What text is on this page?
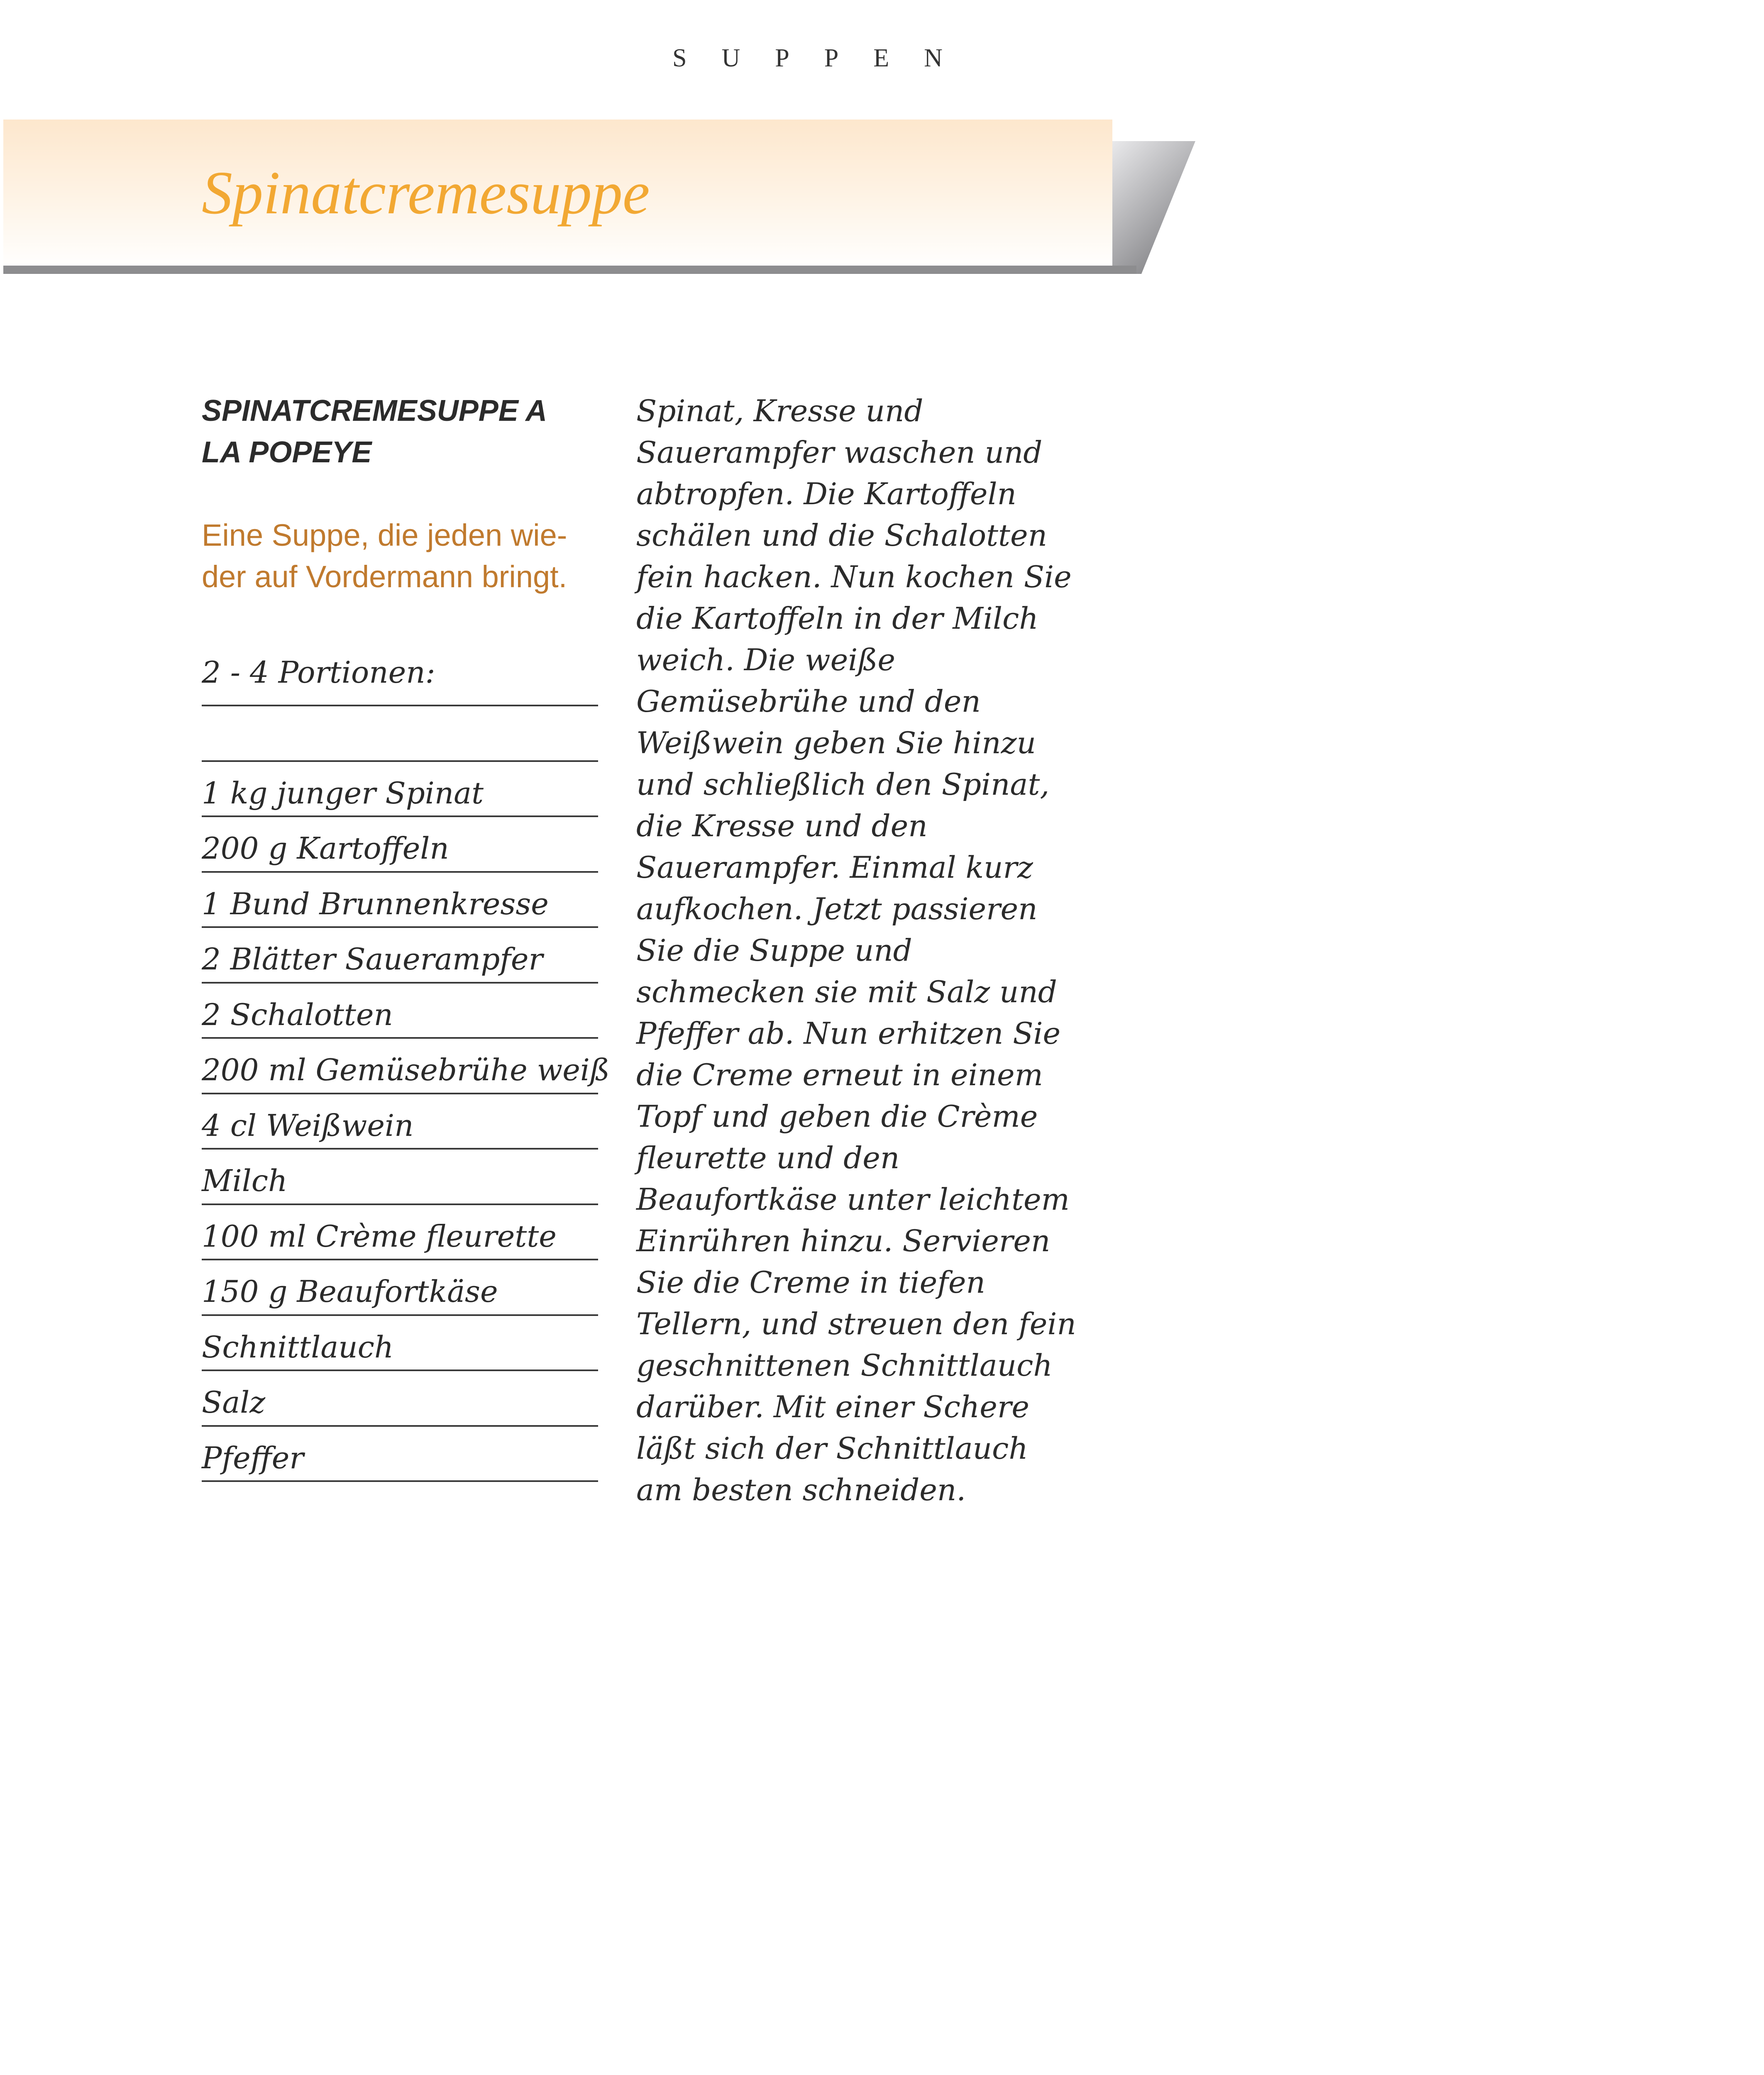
SUPPEN
Spinatcremesuppe
SPINATCREMESUPPE A
LA POPEYE
Eine Suppe, die jeden wie-
der auf Vordermann bringt.
2 - 4 Portionen:
1 kg junger Spinat
200 g Kartoffeln
1 Bund Brunnenkresse
2 Blätter Sauerampfer
2 Schalotten
200 ml Gemüsebrühe weiß
4 cl Weißwein
Milch
100 ml Crème fleurette
150 g Beaufortkäse
Schnittlauch
Salz
Pfeffer
Spinat, Kresse und
Sauerampfer waschen und
abtropfen. Die Kartoffeln
schälen und die Schalotten
fein hacken. Nun kochen Sie
die Kartoffeln in der Milch
weich. Die weiße
Gemüsebrühe und den
Weißwein geben Sie hinzu
und schließlich den Spinat,
die Kresse und den
Sauerampfer. Einmal kurz
aufkochen. Jetzt passieren
Sie die Suppe und
schmecken sie mit Salz und
Pfeffer ab. Nun erhitzen Sie
die Creme erneut in einem
Topf und geben die Crème
fleurette und den
Beaufortkäse unter leichtem
Einrühren hinzu. Servieren
Sie die Creme in tiefen
Tellern, und streuen den fein
geschnittenen Schnittlauch
darüber. Mit einer Schere
läßt sich der Schnittlauch
am besten schneiden.
